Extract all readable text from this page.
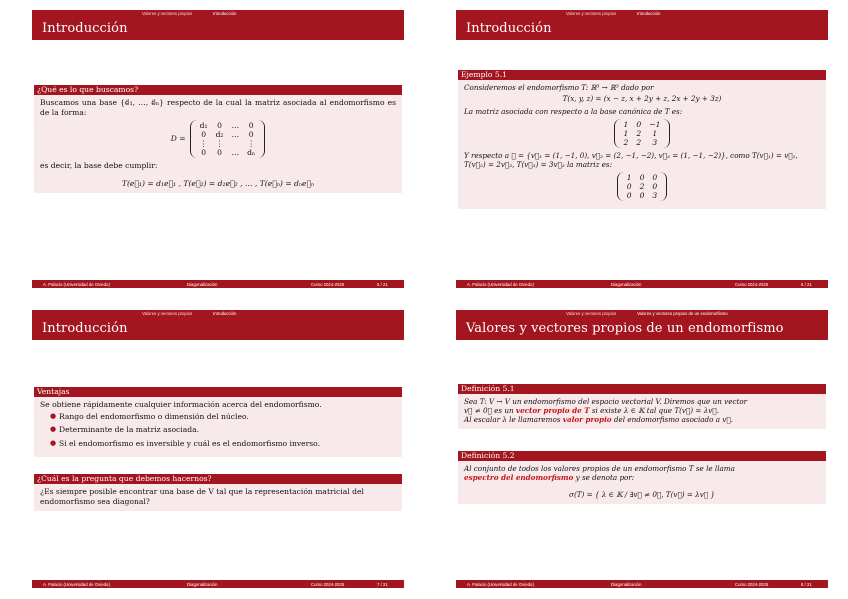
Valores y vectores propios	Introducción
Introducción
¿Qué es lo que buscamos?
Buscamos una base {e⃗₁, …, e⃗ₙ} respecto de la cual la matriz asociada al endomorfismo es de la forma:
D =
d₁	0	…	0
0	d₂	…	0
⋮	⋮		⋮
0	0	…	dₙ
es decir, la base debe cumplir:
T(e⃗₁) = d₁e⃗₁ , T(e⃗₂) = d₂e⃗₂ , … , T(e⃗ₙ) = dₙe⃗ₙ
A. Palacio (Universidad de Oviedo)	Diagonalización	Curso 2024-2025	5 / 21
Valores y vectores propios	Introducción
Introducción
Ejemplo 5.1
Consideremos el endomorfismo T: ℝ³ → ℝ³ dado por
T(x, y, z) = (x − z, x + 2y + z, 2x + 2y + 3z)
La matriz asociada con respecto a la base canónica de T es:
1	0	−1
1	2	1
2	2	3
Y respecto a ℬ = {v⃗₁ = (1, −1, 0), v⃗₂ = (2, −1, −2), v⃗₃ = (1, −1, −2)}, como T(v⃗₁) = v⃗₁, T(v⃗₂) = 2v⃗₂, T(v⃗₃) = 3v⃗₃ la matriz es:
1	0	0
0	2	0
0	0	3
A. Palacio (Universidad de Oviedo)	Diagonalización	Curso 2024-2025	6 / 21
Valores y vectores propios	Introducción
Introducción
Ventajas
Se obtiene rápidamente cualquier información acerca del endomorfismo.
● Rango del endomorfismo o dimensión del núcleo.
● Determinante de la matriz asociada.
● Si el endomorfismo es inversible y cuál es el endomorfismo inverso.
¿Cuál es la pregunta que debemos hacernos?
¿Es siempre posible encontrar una base de V tal que la representación matricial del endomorfismo sea diagonal?
A. Palacio (Universidad de Oviedo)	Diagonalización	Curso 2024-2025	7 / 21
Valores y vectores propios	Valores y vectores propios de un endomorfismo
Valores y vectores propios de un endomorfismo
Definición 5.1
Sea T: V → V un endomorfismo del espacio vectorial V. Diremos que un vector
v⃗ ≠ 0⃗ es un vector propio de T si existe λ ∈ 𝕂 tal que T(v⃗) = λv⃗.
Al escalar λ le llamaremos valor propio del endomorfismo asociado a v⃗.
Definición 5.2
Al conjunto de todos los valores propios de un endomorfismo T se le llama
espectro del endomorfismo y se denota por:
σ(T) = { λ ∈ 𝕂 / ∃v⃗ ≠ 0⃗, T(v⃗) = λv⃗ }
A. Palacio (Universidad de Oviedo)	Diagonalización	Curso 2024-2025	8 / 21
